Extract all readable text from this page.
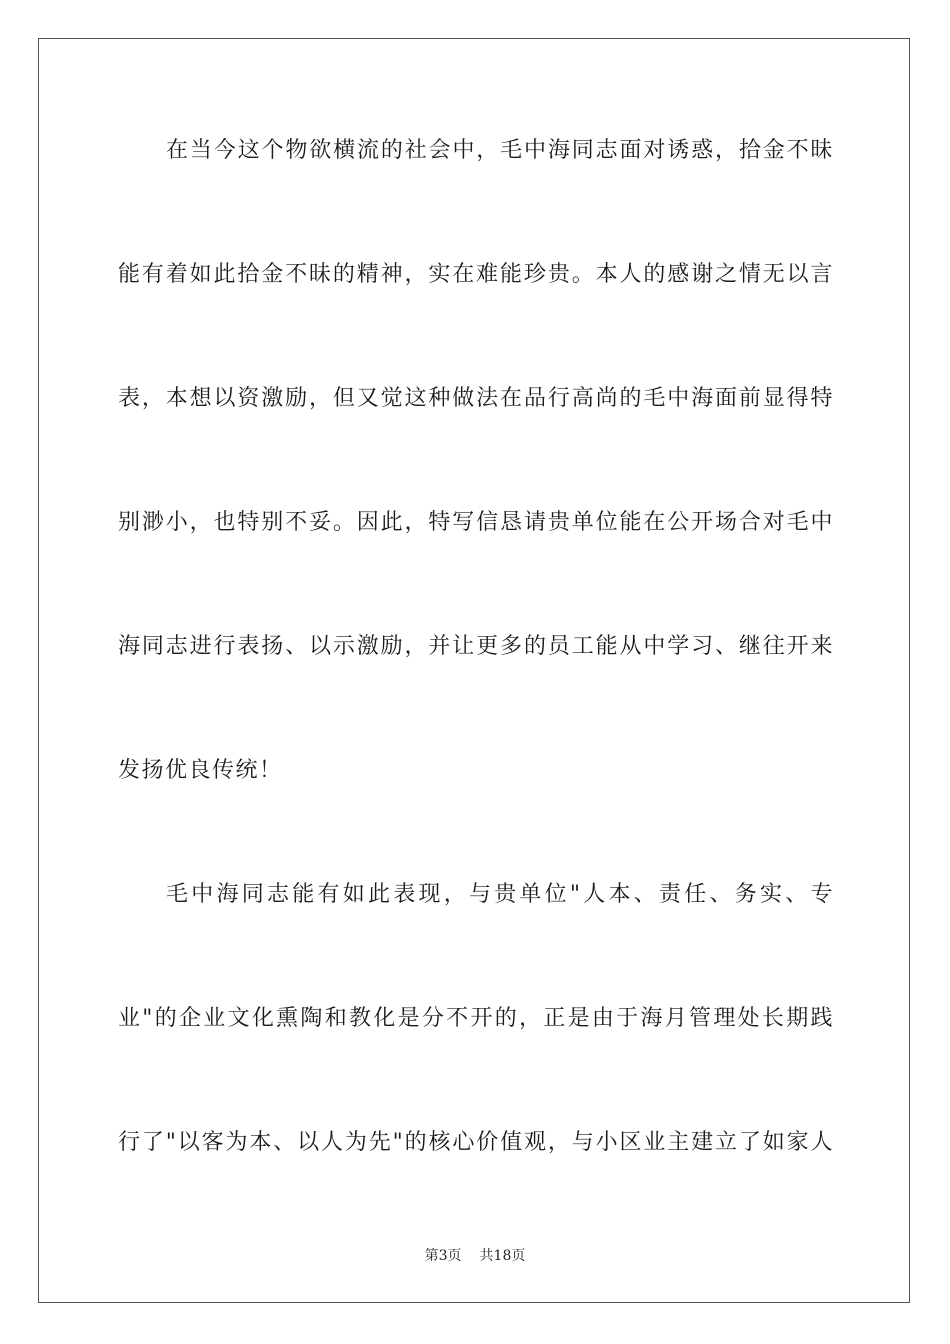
在当今这个物欲横流的社会中，毛中海同志面对诱惑，拾金不昧
能有着如此拾金不昧的精神，实在难能珍贵。本人的感谢之情无以言
表，本想以资激励，但又觉这种做法在品行高尚的毛中海面前显得特
别渺小，也特别不妥。因此，特写信恳请贵单位能在公开场合对毛中
海同志进行表扬、以示激励，并让更多的员工能从中学习、继往开来
发扬优良传统！
毛中海同志能有如此表现，与贵单位"人本、责任、务实、专
业"的企业文化熏陶和教化是分不开的，正是由于海月管理处长期践
行了"以客为本、以人为先"的核心价值观，与小区业主建立了如家人
第3页 共18页
